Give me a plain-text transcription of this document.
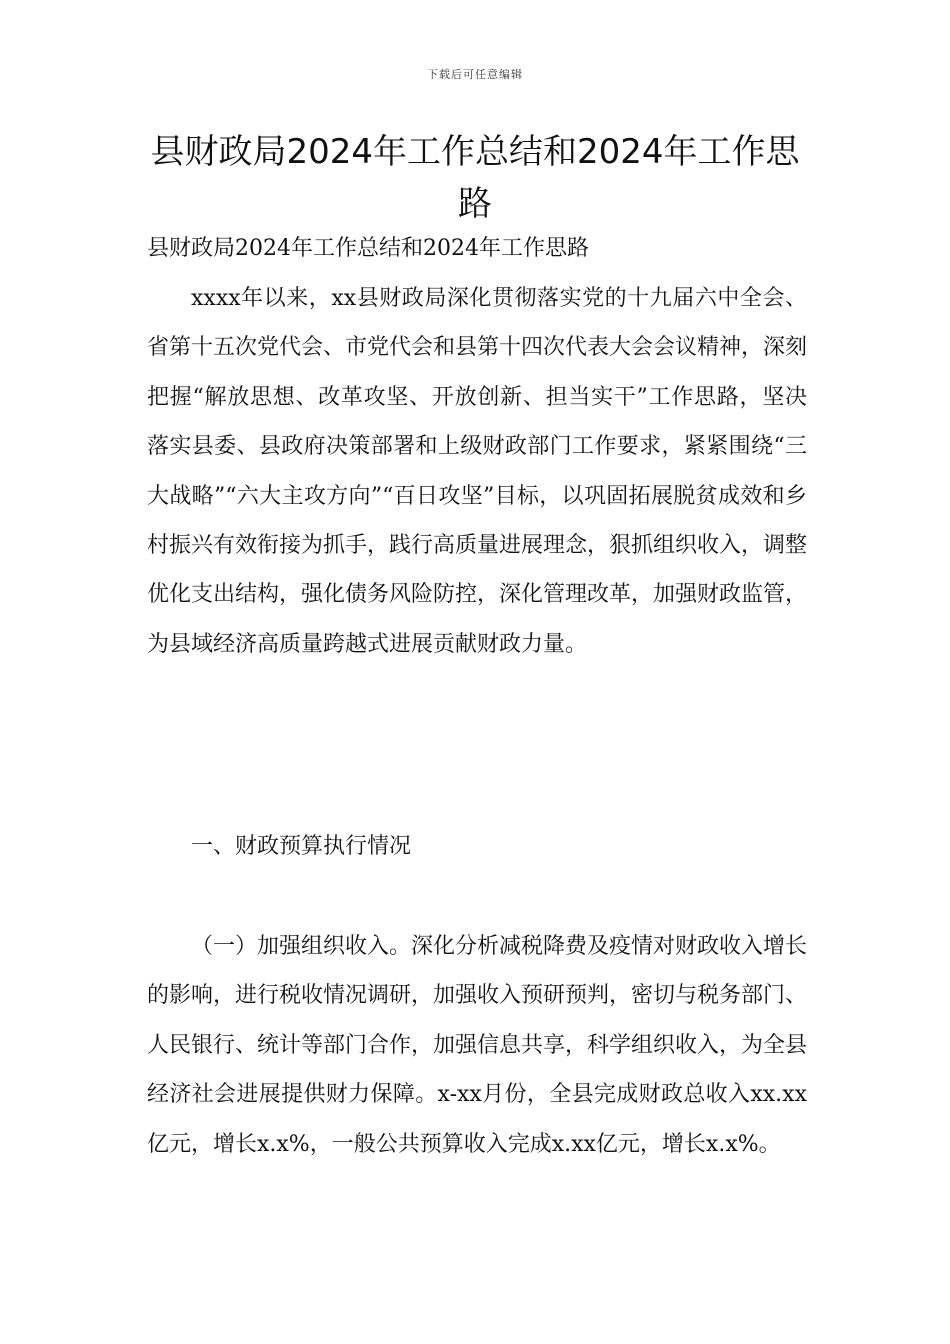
下载后可任意编辑
县财政局2024年工作总结和2024年工作思路

县财政局2024年工作总结和2024年工作思路

xxxx年以来，xx县财政局深化贯彻落实党的十九届六中全会、省第十五次党代会、市党代会和县第十四次代表大会会议精神，深刻把握“解放思想、改革攻坚、开放创新、担当实干”工作思路，坚决落实县委、县政府决策部署和上级财政部门工作要求，紧紧围绕“三大战略”“六大主攻方向”“百日攻坚”目标，以巩固拓展脱贫成效和乡村振兴有效衔接为抓手，践行高质量进展理念，狠抓组织收入，调整优化支出结构，强化债务风险防控，深化管理改革，加强财政监管，为县域经济高质量跨越式进展贡献财政力量。

一、财政预算执行情况

（一）加强组织收入。深化分析减税降费及疫情对财政收入增长的影响，进行税收情况调研，加强收入预研预判，密切与税务部门、人民银行、统计等部门合作，加强信息共享，科学组织收入，为全县经济社会进展提供财力保障。x-xx月份，全县完成财政总收入xx.xx亿元，增长x.x%，一般公共预算收入完成x.xx亿元，增长x.x%。
